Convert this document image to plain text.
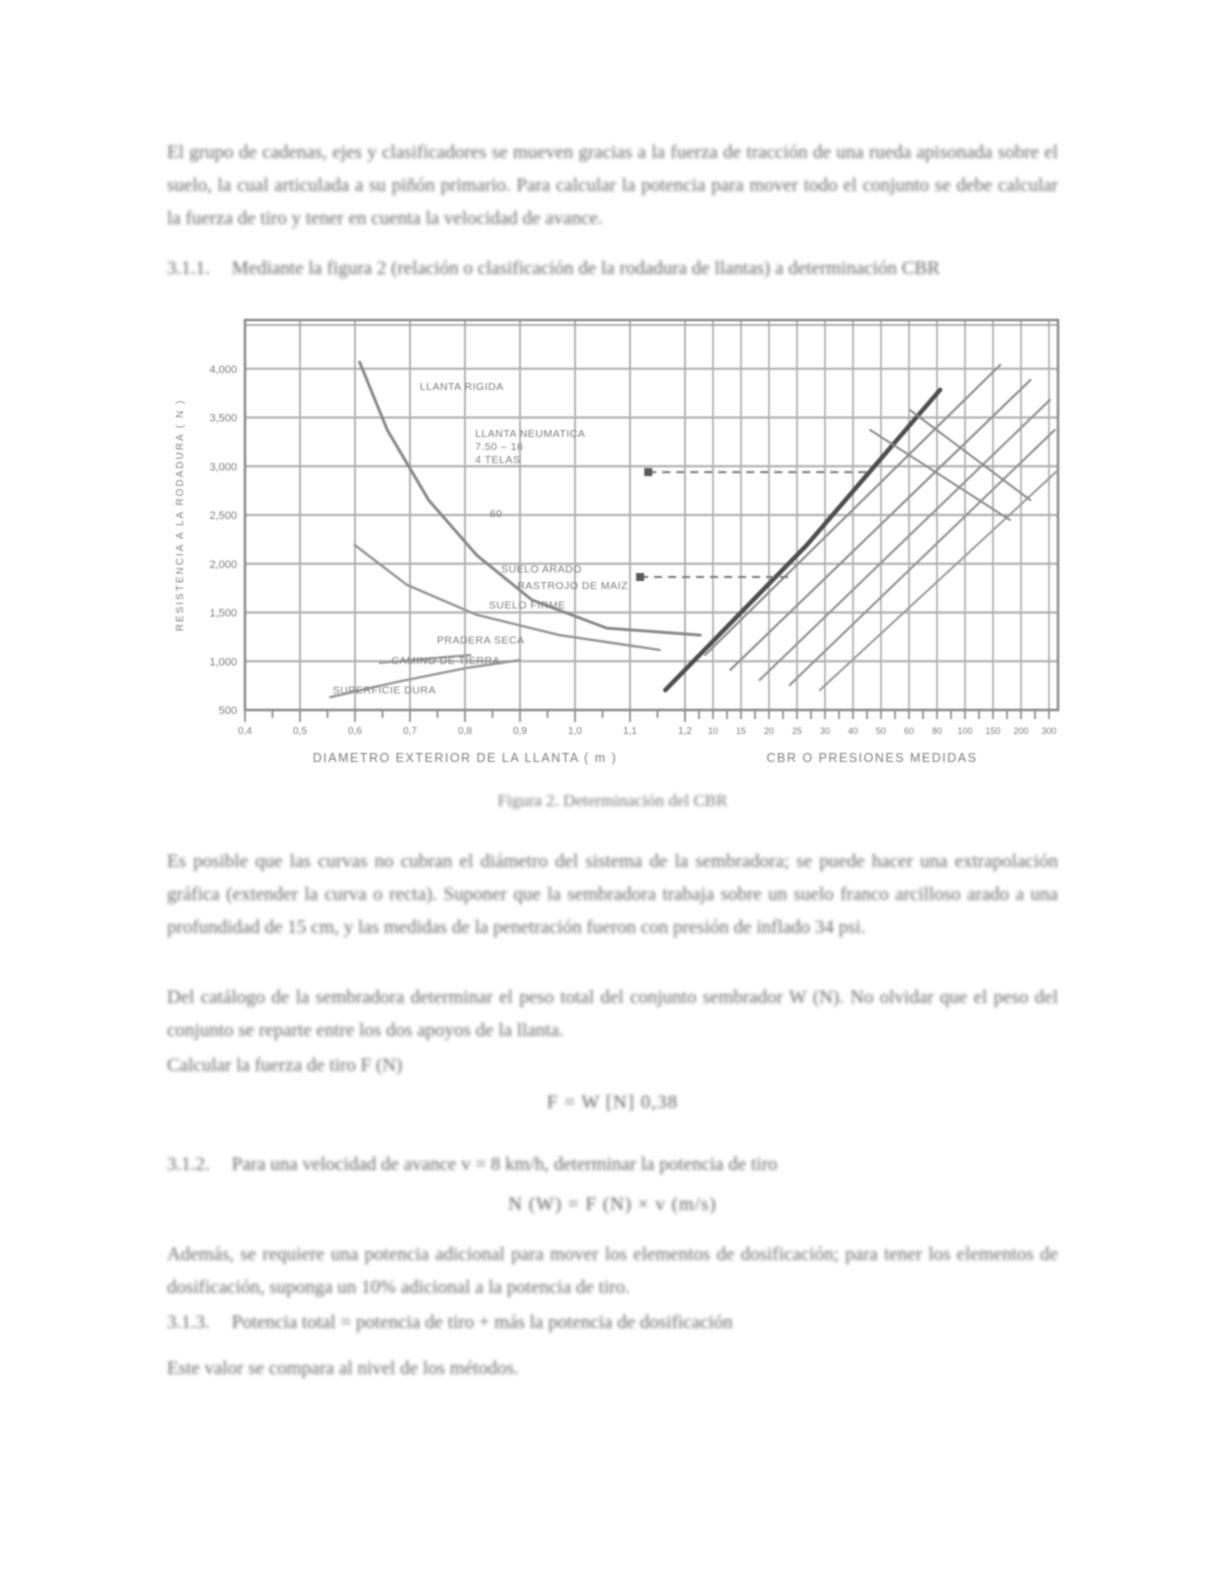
El grupo de cadenas, ejes y clasificadores se mueven gracias a la fuerza de tracción de una rueda apisonada sobre el suelo, la cual articulada a su piñón primario. Para calcular la potencia para mover todo el conjunto se debe calcular la fuerza de tiro y tener en cuenta la velocidad de avance.
3.1.1. Mediante la figura 2 (relación o clasificación de la rodadura de llantas) a determinación CBR
4,000
3,500
3,000
2,500
2,000
1,500
1,000
500
RESISTENCIA A LA RODADURA ( N )
0,4	0,5	0,6	0,7	0,8	0,9	1,0	1,1	1,2 10 15 20 25 30 40 50 60 80 100 150 200 300
DIAMETRO EXTERIOR DE LA LLANTA ( m )	CBR O PRESIONES MEDIDAS
LLANTA RIGIDA
LLANTA NEUMATICA
7.50 – 16
4 TELAS
60
SUELO ARADO
RASTROJO DE MAIZ
SUELO FIRME
PRADERA SECA
CAMINO DE TIERRA
SUPERFICIE DURA
Figura 2. Determinación del CBR
Es posible que las curvas no cubran el diámetro del sistema de la sembradora; se puede hacer una extrapolación gráfica (extender la curva o recta). Suponer que la sembradora trabaja sobre un suelo franco arcilloso arado a una profundidad de 15 cm, y las medidas de la penetración fueron con presión de inflado 34 psi.
Del catálogo de la sembradora determinar el peso total del conjunto sembrador W (N). No olvidar que el peso del conjunto se reparte entre los dos apoyos de la llanta.
Calcular la fuerza de tiro F (N)
F = W [N] 0,38
3.1.2. Para una velocidad de avance v = 8 km/h, determinar la potencia de tiro
N (W) = F (N) × v (m/s)
Además, se requiere una potencia adicional para mover los elementos de dosificación; para tener los elementos de dosificación, suponga un 10% adicional a la potencia de tiro.
3.1.3. Potencia total = potencia de tiro + más la potencia de dosificación
Este valor se compara al nivel de los métodos.
